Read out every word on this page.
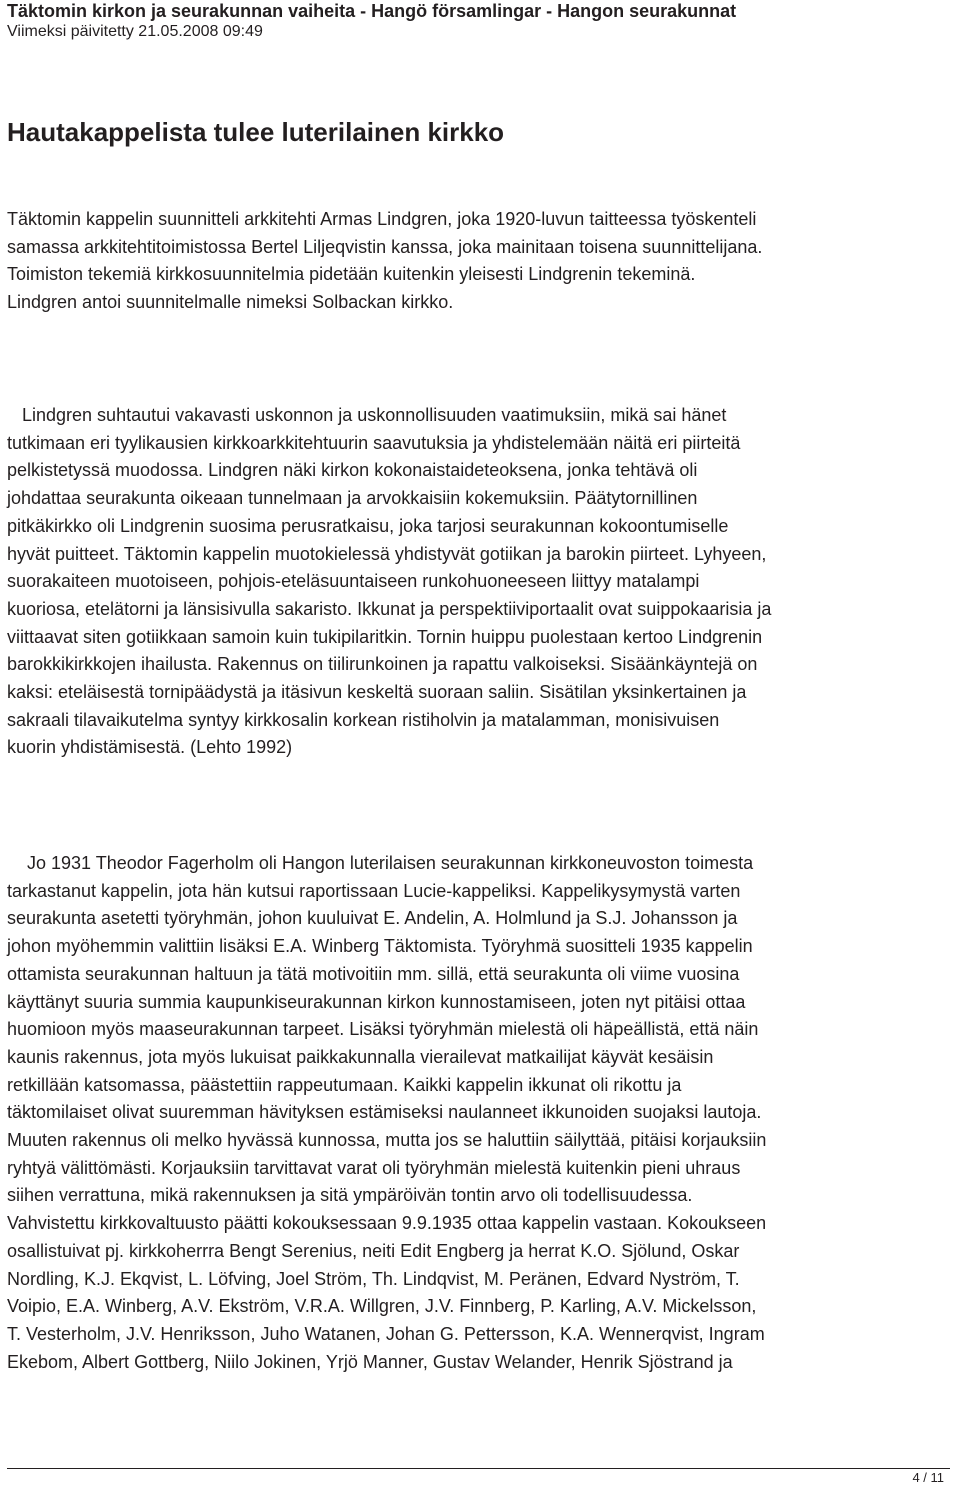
Täktomin kirkon ja seurakunnan vaiheita - Hangö församlingar - Hangon seurakunnat
Viimeksi päivitetty 21.05.2008 09:49
Hautakappelista tulee luterilainen kirkko
Täktomin kappelin suunnitteli arkkitehti Armas Lindgren, joka 1920-luvun taitteessa työskenteli
samassa arkkitehtitoimistossa Bertel Liljeqvistin kanssa, joka mainitaan toisena suunnittelijana.
Toimiston tekemiä kirkkosuunnitelmia pidetään kuitenkin yleisesti Lindgrenin tekeminä.
Lindgren antoi suunnitelmalle nimeksi Solbackan kirkko.
Lindgren suhtautui vakavasti uskonnon ja uskonnollisuuden vaatimuksiin, mikä sai hänet
tutkimaan eri tyylikausien kirkkoarkkitehtuurin saavutuksia ja yhdistelemään näitä eri piirteitä
pelkistetyssä muodossa. Lindgren näki kirkon kokonaistaideteoksena, jonka tehtävä oli
johdattaa seurakunta oikeaan tunnelmaan ja arvokkaisiin kokemuksiin. Päätytornillinen
pitkäkirkko oli Lindgrenin suosima perusratkaisu, joka tarjosi seurakunnan kokoontumiselle
hyvät puitteet. Täktomin kappelin muotokielessä yhdistyvät gotiikan ja barokin piirteet. Lyhyeen,
suorakaiteen muotoiseen, pohjois-eteläsuuntaiseen runkohuoneeseen liittyy matalampi
kuoriosa, etelätorni ja länsisivulla sakaristo. Ikkunat ja perspektiiviportaalit ovat suippokaarisia ja
viittaavat siten gotiikkaan samoin kuin tukipilaritkin. Tornin huippu puolestaan kertoo Lindgrenin
barokkikirkkojen ihailusta. Rakennus on tiilirunkoinen ja rapattu valkoiseksi. Sisäänkäyntejä on
kaksi: eteläisestä tornipäädystä ja itäsivun keskeltä suoraan saliin. Sisätilan yksinkertainen ja
sakraali tilavaikutelma syntyy kirkkosalin korkean ristiholvin ja matalamman, monisivuisen
kuorin yhdistämisestä. (Lehto 1992)
Jo 1931 Theodor Fagerholm oli Hangon luterilaisen seurakunnan kirkkoneuvoston toimesta
tarkastanut kappelin, jota hän kutsui raportissaan Lucie-kappeliksi. Kappelikysymystä varten
seurakunta asetetti työryhmän, johon kuuluivat E. Andelin, A. Holmlund ja S.J. Johansson ja
johon myöhemmin valittiin lisäksi E.A. Winberg Täktomista. Työryhmä suositteli 1935 kappelin
ottamista seurakunnan haltuun ja tätä motivoitiin mm. sillä, että seurakunta oli viime vuosina
käyttänyt suuria summia kaupunkiseurakunnan kirkon kunnostamiseen, joten nyt pitäisi ottaa
huomioon myös maaseurakunnan tarpeet. Lisäksi työryhmän mielestä oli häpeällistä, että näin
kaunis rakennus, jota myös lukuisat paikkakunnalla vierailevat matkailijat käyvät kesäisin
retkillään katsomassa, päästettiin rappeutumaan. Kaikki kappelin ikkunat oli rikottu ja
täktomilaiset olivat suuremman hävityksen estämiseksi naulanneet ikkunoiden suojaksi lautoja.
Muuten rakennus oli melko hyvässä kunnossa, mutta jos se haluttiin säilyttää, pitäisi korjauksiin
ryhtyä välittömästi. Korjauksiin tarvittavat varat oli työryhmän mielestä kuitenkin pieni uhraus
siihen verrattuna, mikä rakennuksen ja sitä ympäröivän tontin arvo oli todellisuudessa.
Vahvistettu kirkkovaltuusto päätti kokouksessaan 9.9.1935 ottaa kappelin vastaan. Kokoukseen
osallistuivat pj. kirkkoherrra Bengt Serenius, neiti Edit Engberg ja herrat K.O. Sjölund, Oskar
Nordling, K.J. Ekqvist, L. Löfving, Joel Ström, Th. Lindqvist, M. Peränen, Edvard Nyström, T.
Voipio, E.A. Winberg, A.V. Ekström, V.R.A. Willgren, J.V. Finnberg, P. Karling, A.V. Mickelsson,
T. Vesterholm, J.V. Henriksson, Juho Watanen, Johan G. Pettersson, K.A. Wennerqvist, Ingram
Ekebom, Albert Gottberg, Niilo Jokinen, Yrjö Manner, Gustav Welander, Henrik Sjöstrand ja
4 / 11
